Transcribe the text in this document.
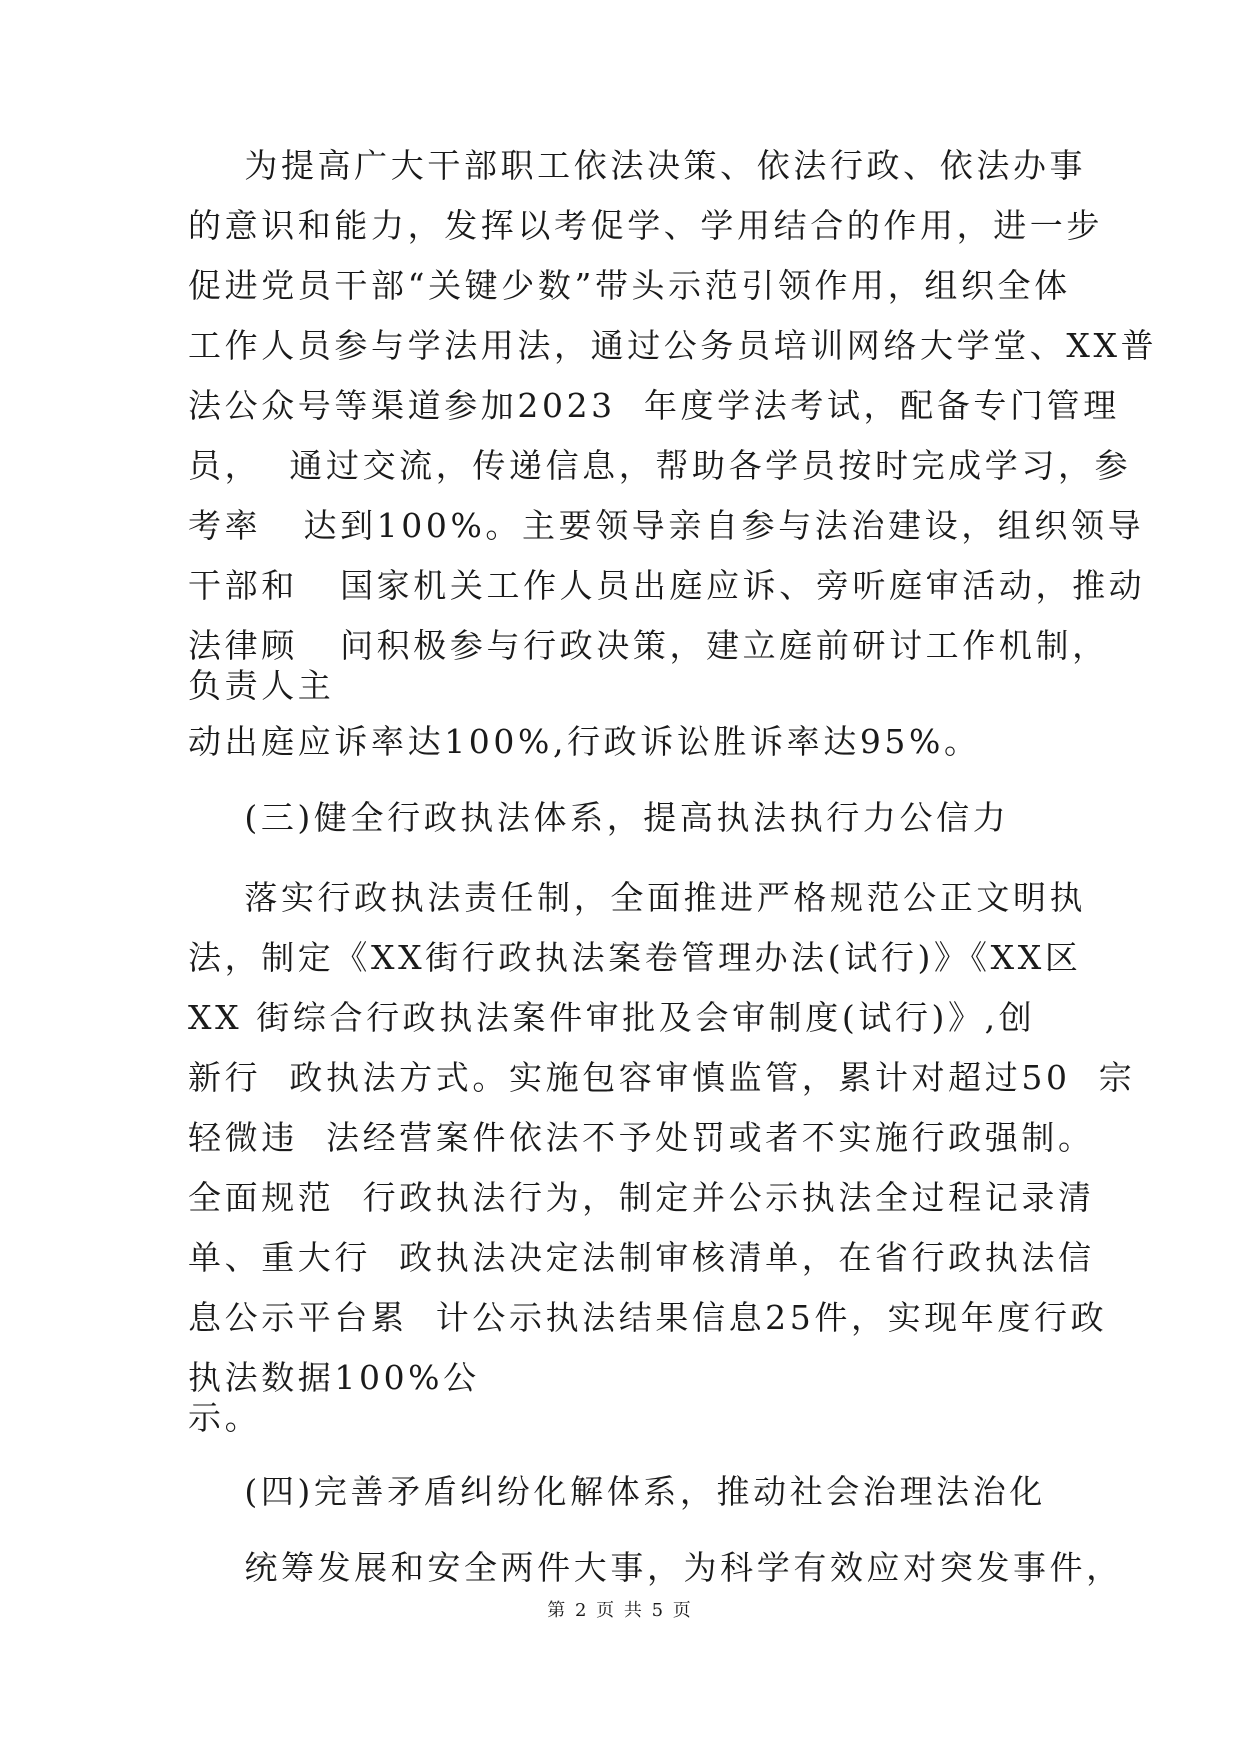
为提高广大干部职工依法决策、依法行政、依法办事
的意识和能力，发挥以考促学、学用结合的作用，进一步
促进党员干部“关键少数”带头示范引领作用，组织全体
工作人员参与学法用法，通过公务员培训网络大学堂、XX普
法公众号等渠道参加2023  年度学法考试，配备专门管理
员，  通过交流，传递信息，帮助各学员按时完成学习，参
考率   达到100%。主要领导亲自参与法治建设，组织领导
干部和   国家机关工作人员出庭应诉、旁听庭审活动，推动
法律顾   问积极参与行政决策，建立庭前研讨工作机制，
负责人主
动出庭应诉率达100%,行政诉讼胜诉率达95%。
(三)健全行政执法体系，提高执法执行力公信力
落实行政执法责任制，全面推进严格规范公正文明执
法，制定《XX街行政执法案卷管理办法(试行)》《XX区
XX 街综合行政执法案件审批及会审制度(试行)》,创
新行  政执法方式。实施包容审慎监管，累计对超过50  宗
轻微违  法经营案件依法不予处罚或者不实施行政强制。
全面规范  行政执法行为，制定并公示执法全过程记录清
单、重大行  政执法决定法制审核清单，在省行政执法信
息公示平台累  计公示执法结果信息25件，实现年度行政
执法数据100%公
示。
(四)完善矛盾纠纷化解体系，推动社会治理法治化
统筹发展和安全两件大事，为科学有效应对突发事件，
第 2 页 共 5 页
